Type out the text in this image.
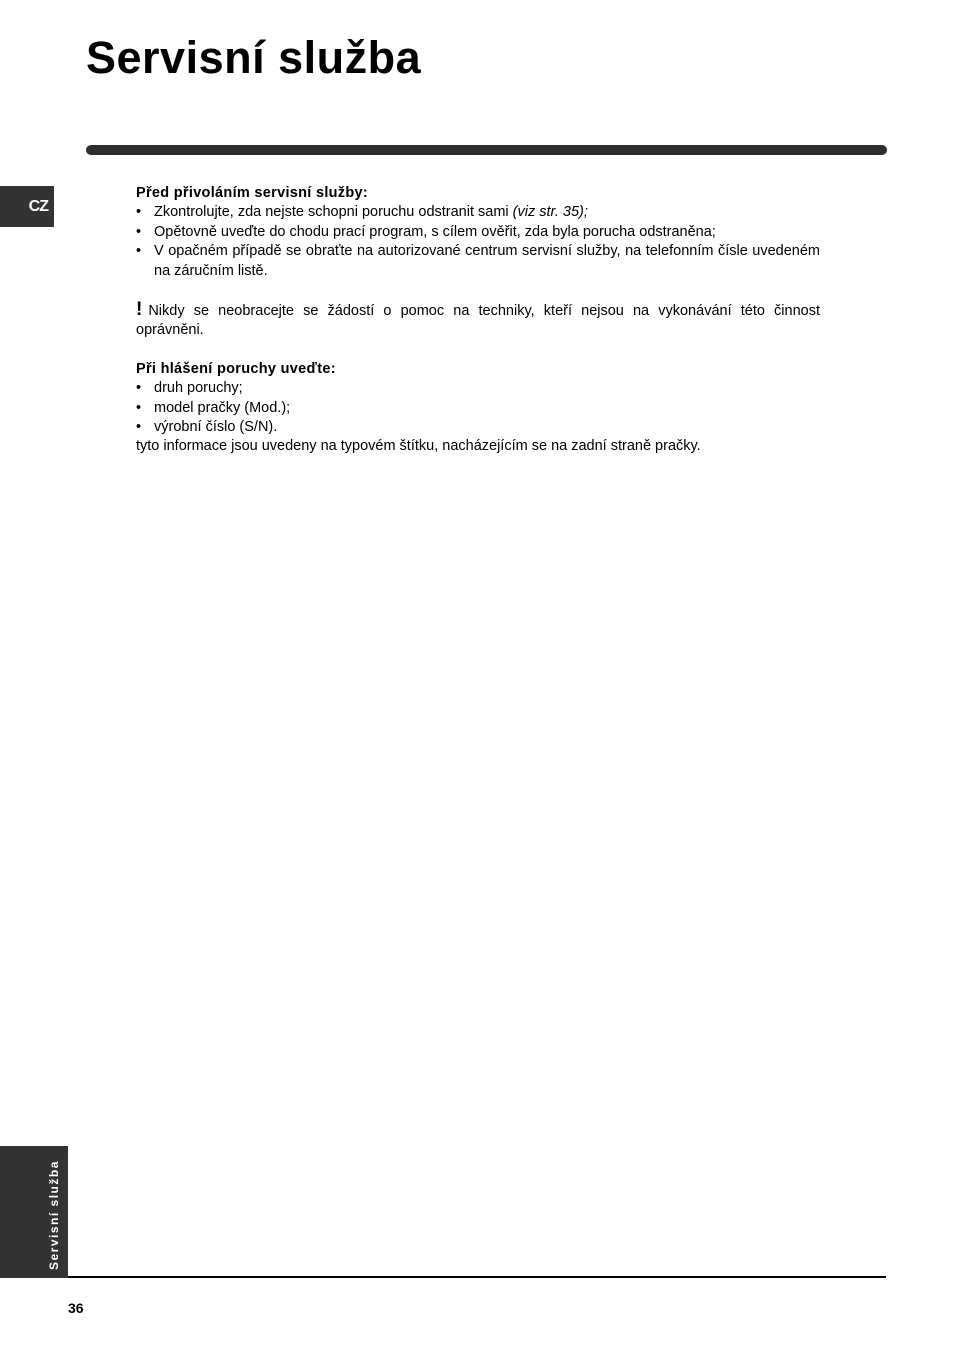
Servisní služba
CZ

Před přivoláním servisní služby:

• Zkontrolujte, zda nejste schopni poruchu odstranit sami (viz str. 35);
• Opětovně uveďte do chodu prací program, s cílem ověřit, zda byla porucha odstraněna;
• V opačném případě se obraťte na autorizované centrum servisní služby, na telefonním čísle uvedeném na záručním listě.

! Nikdy se neobracejte se žádostí o pomoc na techniky, kteří nejsou na vykonávání této činnost oprávněni.

Při hlášení poruchy uveďte:

• druh poruchy;
• model pračky (Mod.);
• výrobní číslo (S/N).

tyto informace jsou uvedeny na typovém štítku, nacházejícím se na zadní straně pračky.

Servisní služba
36
